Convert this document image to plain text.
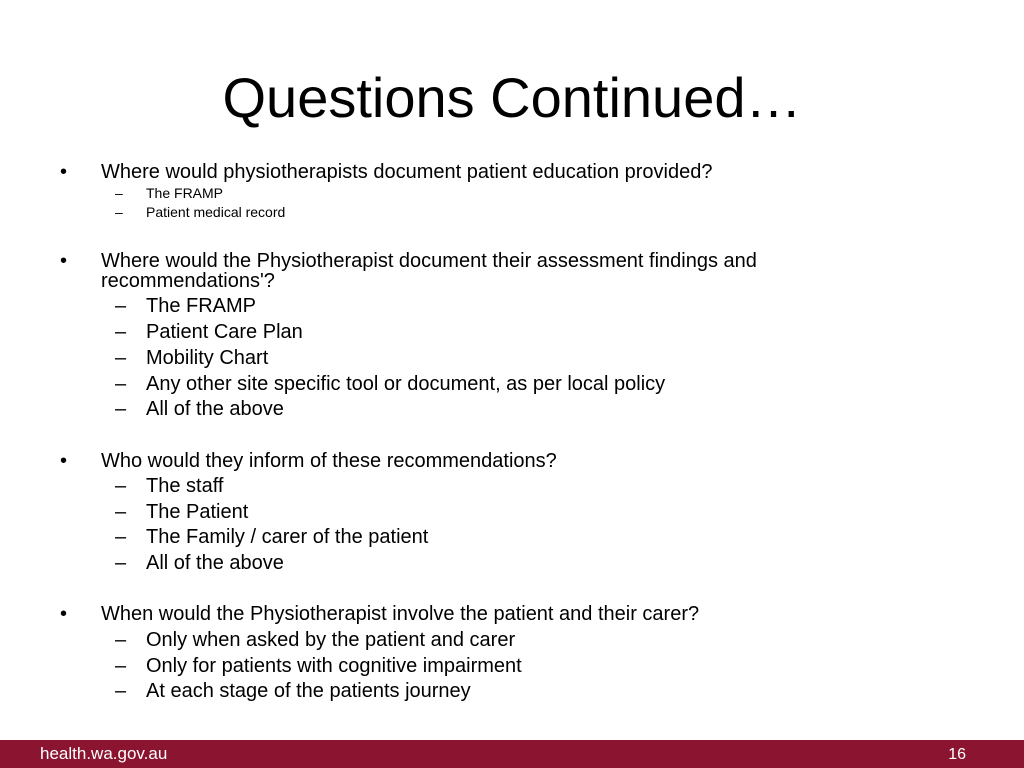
Questions Continued…
• Where would physiotherapists document patient education provided?
– The FRAMP
– Patient medical record
• Where would the Physiotherapist document their assessment findings and recommendations'?
– The FRAMP
– Patient Care Plan
– Mobility Chart
– Any other site specific tool or document, as per local policy
– All of the above
• Who would they inform of these recommendations?
– The staff
– The Patient
– The Family / carer of the patient
– All of the above
• When would the Physiotherapist involve the patient and their carer?
– Only when asked by the patient and carer
– Only for patients with cognitive impairment
– At each stage of the patients journey
health.wa.gov.au	16
